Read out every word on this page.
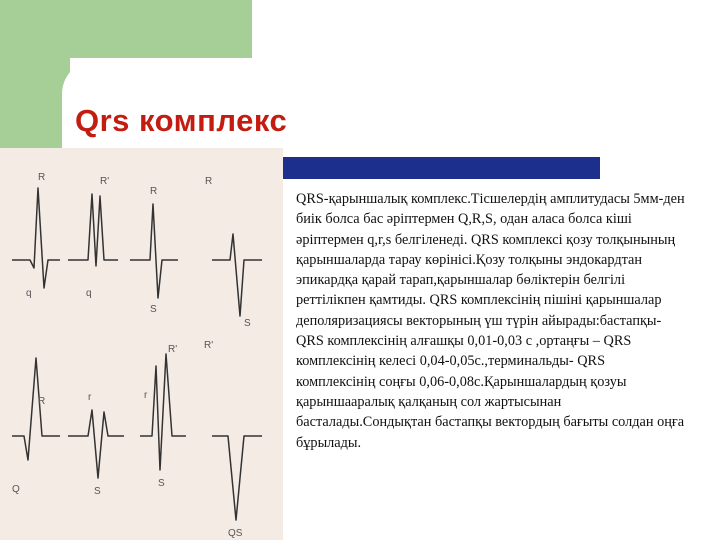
Qrs комплекс
R
q
R'
q
R
S
R
S
R
Q
r
S
R'
r
S
R'
QS

QRS-қарыншалық комплекс.Тісшелердің амплитудасы 5мм-ден биік болса бас әріптермен Q,R,S, одан аласа болса кіші әріптермен q,r,s белгіленеді. QRS комплексі қозу толқынының қарыншаларда тарау көрінісі.Қозу толқыны эндокардтан эпикардқа қарай тарап,қарыншалар бөліктерін белгілі реттілікпен қамтиды. QRS комплексінің пішіні қарыншалар деполяризациясы векторының үш түрін айырады:бастапқы- QRS комплексінің алғашқы 0,01-0,03 с ,ортаңғы – QRS комплексінің келесі 0,04-0,05с.,терминальды- QRS комплексінің соңғы 0,06-0,08с.Қарыншалардың қозуы қарыншааралық қалқаның сол жартысынан басталады.Сондықтан бастапқы вектордың бағыты солдан оңға бұрылады.
